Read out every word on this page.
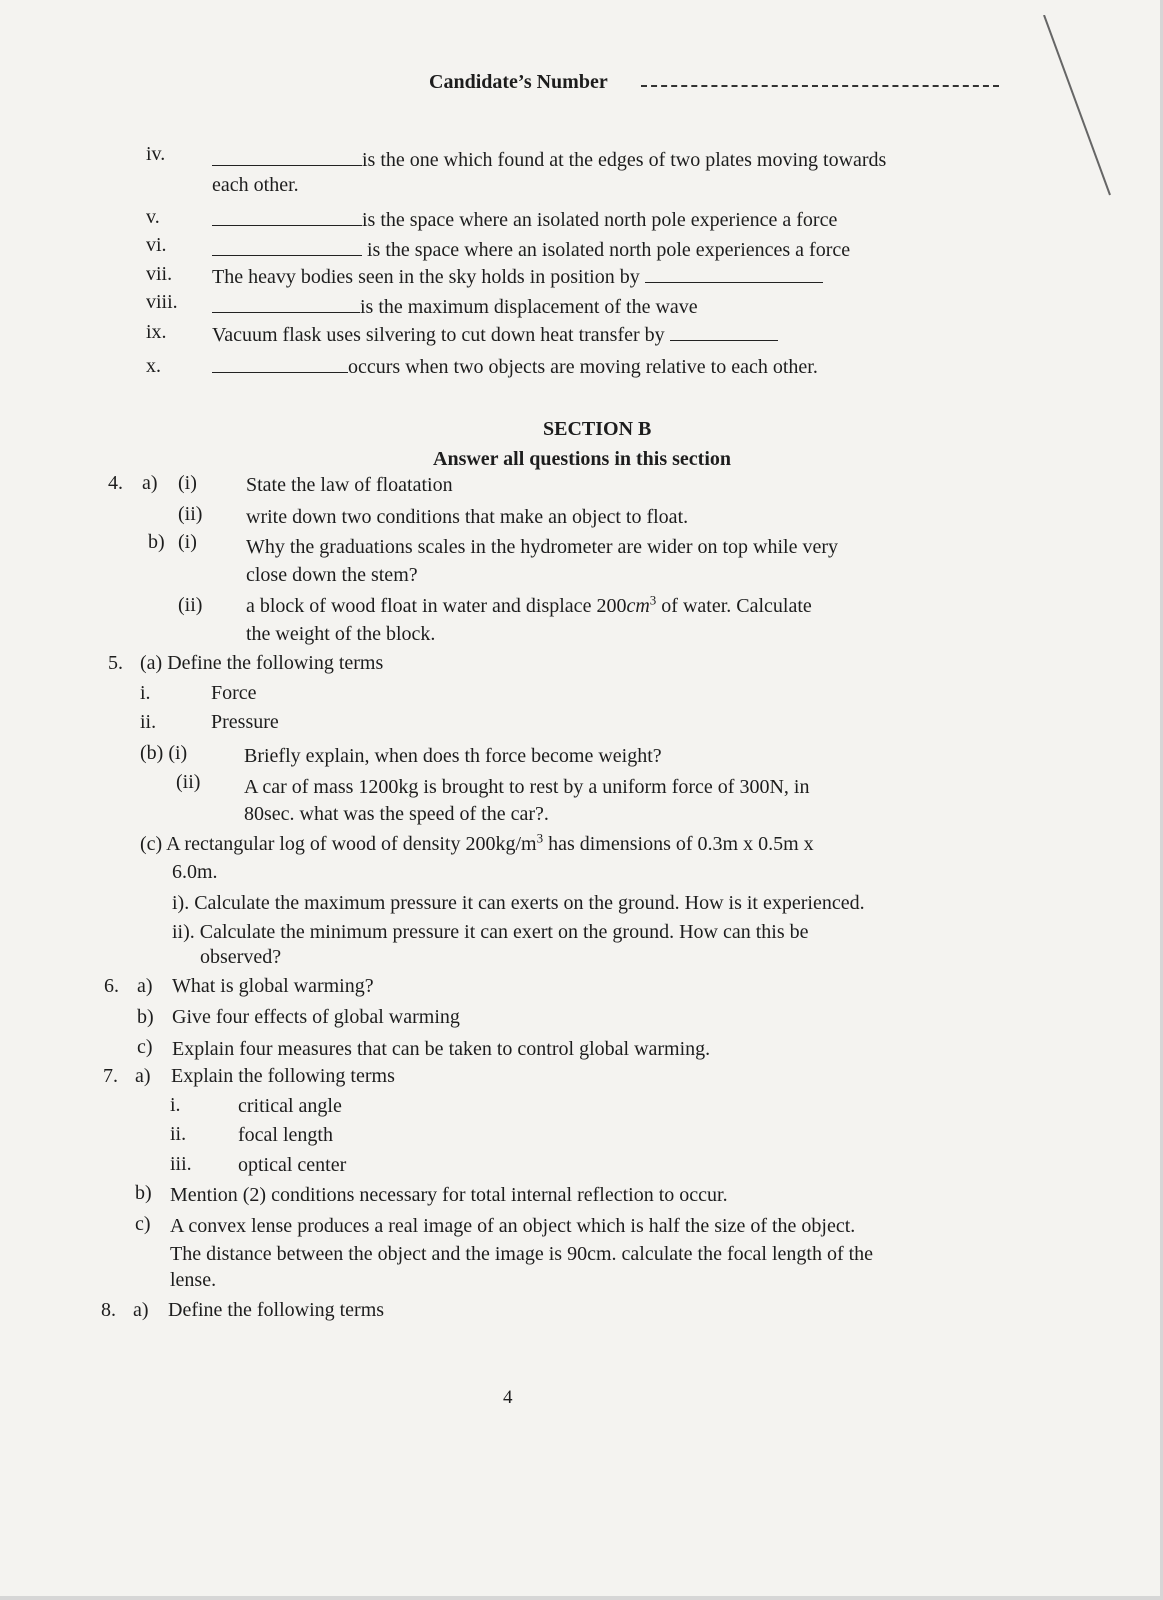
Candidate’s Number
iv.	is the one which found at the edges of two plates moving towards
each other.
v.	is the space where an isolated north pole experience a force
vi.	is the space where an isolated north pole experiences a force
vii. The heavy bodies seen in the sky holds in position by
viii.	is the maximum displacement of the wave
ix. Vacuum flask uses silvering to cut down heat transfer by
x.	occurs when two objects are moving relative to each other.
SECTION B
Answer all questions in this section
4. a) (i) State the law of floatation
(ii) write down two conditions that make an object to float.
b) (i) Why the graduations scales in the hydrometer are wider on top while very
close down the stem?
(ii) a block of wood float in water and displace $200cm^3$ of water. Calculate
the weight of the block.
5. (a) Define the following terms
i.	Force
ii.	Pressure
(b) (i)	Briefly explain, when does th force become weight?
(ii) A car of mass 1200kg is brought to rest by a uniform force of 300N, in
80sec. what was the speed of the car?.
(c) A rectangular log of wood of density $200kg/m^3$ has dimensions of 0.3m x 0.5m x
6.0m.
i). Calculate the maximum pressure it can exerts on the ground. How is it experienced.
ii). Calculate the minimum pressure it can exert on the ground. How can this be
observed?
6. a) What is global warming?
b) Give four effects of global warming
c) Explain four measures that can be taken to control global warming.
7. a) Explain the following terms
i.	critical angle
ii.	focal length
iii. optical center
b) Mention (2) conditions necessary for total internal reflection to occur.
c) A convex lense produces a real image of an object which is half the size of the object.
The distance between the object and the image is 90cm. calculate the focal length of the
lense.
8. a) Define the following terms
4
